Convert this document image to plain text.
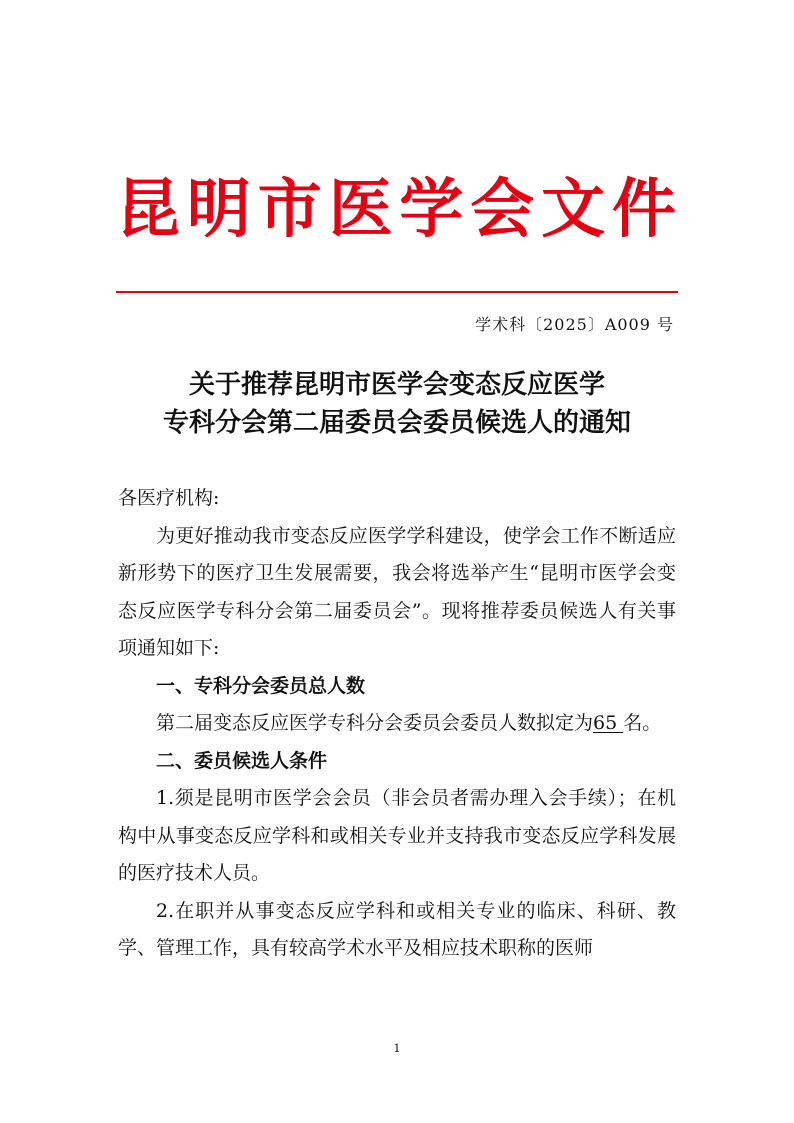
昆明市医学会文件
学术科〔2025〕A009 号
关于推荐昆明市医学会变态反应医学
专科分会第二届委员会委员候选人的通知

各医疗机构:

为更好推动我市变态反应医学学科建设，使学会工作不断适应新形势下的医疗卫生发展需要，我会将选举产生“昆明市医学会变态反应医学专科分会第二届委员会”。现将推荐委员候选人有关事项通知如下:

一、专科分会委员总人数

第二届变态反应医学专科分会委员会委员人数拟定为65 名。

二、委员候选人条件

1.须是昆明市医学会会员（非会员者需办理入会手续）；在机构中从事变态反应学科和或相关专业并支持我市变态反应学科发展的医疗技术人员。

2.在职并从事变态反应学科和或相关专业的临床、科研、教学、管理工作，具有较高学术水平及相应技术职称的医师

1
